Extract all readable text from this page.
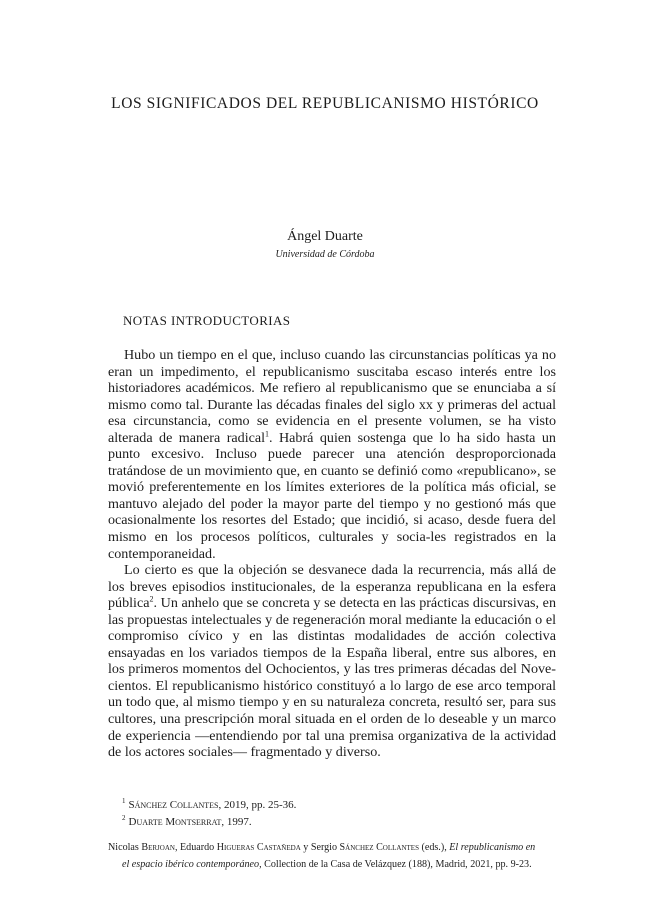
LOS SIGNIFICADOS DEL REPUBLICANISMO HISTÓRICO
Ángel Duarte
Universidad de Córdoba
NOTAS INTRODUCTORIAS

Hubo un tiempo en el que, incluso cuando las circunstancias políticas ya no eran un impedimento, el republicanismo suscitaba escaso interés entre los historiadores académicos. Me refiero al republicanismo que se enunciaba a sí mismo como tal. Durante las décadas finales del siglo xx y primeras del actual esa circunstancia, como se evidencia en el presente volumen, se ha visto alterada de manera radical$^1$. Habrá quien sostenga que lo ha sido hasta un punto excesivo. Incluso puede parecer una atención desproporcionada tratándose de un movimiento que, en cuanto se definió como «republicano», se movió preferentemente en los límites exteriores de la política más oficial, se mantuvo alejado del poder la mayor parte del tiempo y no gestionó más que ocasionalmente los resortes del Estado; que incidió, si acaso, desde fuera del mismo en los procesos políticos, culturales y socia-les registrados en la contemporaneidad.

Lo cierto es que la objeción se desvanece dada la recurrencia, más allá de los breves episodios institucionales, de la esperanza republicana en la esfera pública$^2$. Un anhelo que se concreta y se detecta en las prácticas discursivas, en las propuestas intelectuales y de regeneración moral mediante la educación o el compromiso cívico y en las distintas modalidades de acción colectiva ensayadas en los variados tiempos de la España liberal, entre sus albores, en los primeros momentos del Ochocientos, y las tres primeras décadas del Nove-cientos. El republicanismo histórico constituyó a lo largo de ese arco temporal un todo que, al mismo tiempo y en su naturaleza concreta, resultó ser, para sus cultores, una prescripción moral situada en el orden de lo deseable y un marco de experiencia —entendiendo por tal una premisa organizativa de la actividad de los actores sociales— fragmentado y diverso.

$^1$ Sánchez Collantes, 2019, pp. 25-36.
$^2$ Duarte Montserrat, 1997.
Nicolas Berjoan, Eduardo Higueras Castañeda y Sergio Sánchez Collantes (eds.), El republicanismo en
el espacio ibérico contemporáneo, Collection de la Casa de Velázquez (188), Madrid, 2021, pp. 9-23.
